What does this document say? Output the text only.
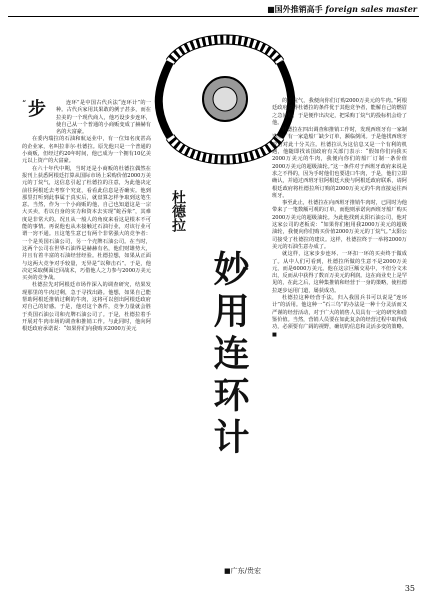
■国外推销高手 foreign sales master
“ 步	连环”是中国古代兵法“连环计”的一种。古代兵家用其果敢的例子甚多，而在拉美的一个现代商人，他巧设步步连环，使自己从一个普通的小商贩变成了赫赫有名的大富豪。

在委内瑞拉的石油和航运业中，有一位知名度甚高的企业家，名叫拉菲尔·杜德拉。原先他只是一个普通的小商贩，但经过约20年时间，他已成为一个拥有10亿美元以上资产的大富豪。

在六十年代中期，当时还是小商贩的杜德拉偶然在报刊上获悉阿根廷打算从国际市场上采购价值2000万美元的丁烷气，这信息引起了杜德拉的注意，为此他决定前往阿根廷去考察个究竟，看看此信息是否确实。他到那里打听到此事属于真实后，就盘算怎样争取到这笔生意。当然，作为一个小商贩的他，自己也知道这是一宗大买卖，若以自身的实力和资本去实现“蛇吞象”，其难度是非常大的。况且从一般人的角度来看这是根本不可能的事情。再说他也从未接触过石油行业，对该行业可谓一窍不通。且这笔生意已有两个非常强大的竞争者：一个是英国石油公司，另一个壳牌石油公司。在当时，这两个公司在世界石油界是赫赫有名，他们财雄势大，并且有着丰富的石油经营经验。杜德拉想，如果从正面与这两大竞争对手较量，无异是“以卵击石”。于是，他决定采取侧面迂回战术，巧借他人之力参与2000万美元买卖的竞争战。

杜德拉先对阿根廷市场作深入的调查研究，结果发现那里的牛肉过剩，急于寻找出路。他想，如果自己能帮助阿根廷推销过剩的牛肉，这将可以创出阿根廷政府对自己的好感。于是，他对这个条件，竞争力量就会胜于英国石油公司和壳牌石油公司了。于是，杜德拉着手开展对牛肉市场的调查和推销工作。与此同时，他向阿根廷政府承诺说：“如果你们向我购买2000万美元

杜德拉
妙用连环计
■广东/贵宏

的丁烷气，我便向你们订购2000万美元的牛肉。”阿根廷政府觉得杜德拉的条件优于其他竞争者，能解自己的燃眉之急问题，于是便作出决定，把采购丁烷气的投标机会给了他。

杜德拉在四出调查和推销工作时，发现西班牙有一家制造船厂有一家造船厂缺少订单，濒临倒闭。于是他找西班牙政府对此十分关注。杜德拉认为这信息又是一个有利的机遇，他随即找该国政府有关部门表示：“假如你们向我买2000万美元的牛肉，我便向你们的船厂订制一条价值2000万美元的超级油轮。”这一条件对于西班牙政府来说是求之不得的，因为手时他们也要进口牛肉，于是，他们立即确认，并通过西班牙驻阿根廷大使与阿根廷政府联系，请阿根廷政府将杜德拉所订购的2000万美元的牛肉直接运往西班牙。

事至此止，杜德拉在向西班牙推销牛肉时，已同时为他带来了一笔数额可观的订单，而他则承诺向西班牙船厂购买2000万美元的超级油轮。为此他找到太阳石油公司，他对这家公司的老板说：“如果你们租用我2000万美元的超级油轮，我便向你们购买价值2000万美元的丁烷气。”太阳公司接受了杜德拉的建议。这样，杜德拉终于一举将2000万美元的石油生意办成了。

就这样，这家步步连环、一环扣一环的买卖终于做成了。从中人们可看到，杜德拉所做的生意不是2000万美元，而是6000万美元。他在这宗巨额交易中，不但分文未出，反而从中获得了数百万美元的利润。这在商业史上是罕见的，在此之后，这种集推销和经营于一身的策略，使杜德拉逐步运用门道，屡获成功。

杜德拉这种经营手法，归入我国兵书可以说是“连环计”的活用。他这种一“石三鸟”的办法是一种十分灵活而又严谨的经营活动，对于广大的销售人员具有一定的研究和借鉴价值。当然，营销人员要在如此复杂的经营过程中取得成功，必须要有广阔的视野，确切的信息和灵活多变的策略。■

35
